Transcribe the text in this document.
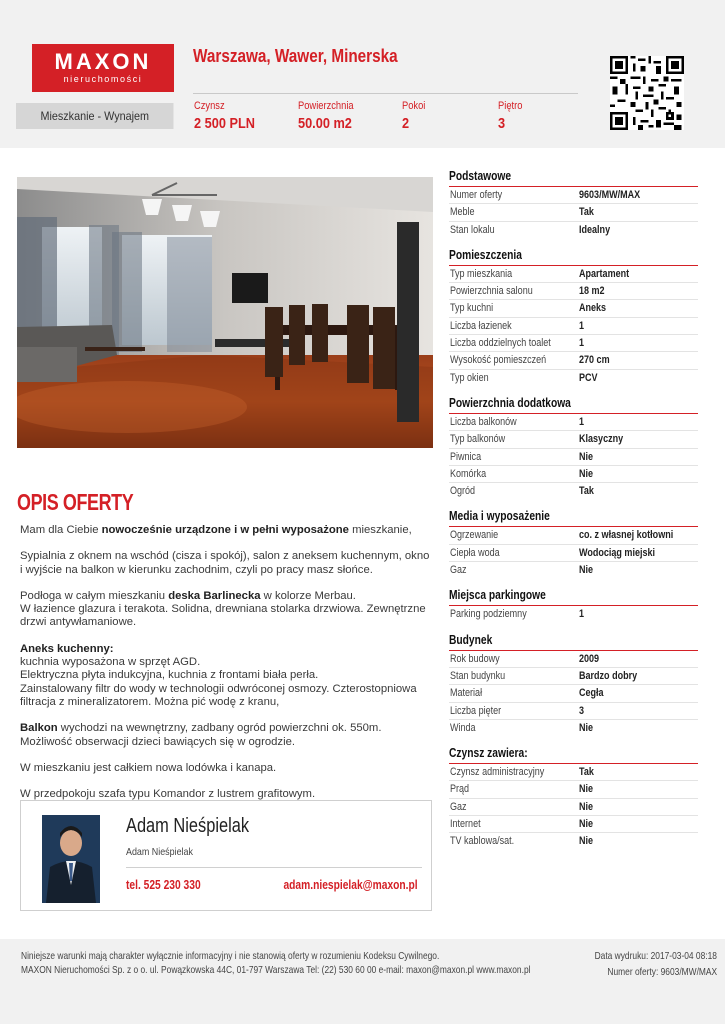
MAXON
nieruchomości
Mieszkanie - Wynajem
Warszawa, Wawer, Minerska
Czynsz
2 500 PLN
Powierzchnia
50.00 m2
Pokoi
2
Piętro
3
OPIS OFERTY

Mam dla Ciebie nowocześnie urządzone i w pełni wyposażone mieszkanie,

Sypialnia z oknem na wschód (cisza i spokój), salon z aneksem kuchennym, okno i wyjście na balkon w kierunku zachodnim, czyli po pracy masz słońce.

Podłoga w całym mieszkaniu deska Barlinecka w kolorze Merbau.
W łazience glazura i terakota. Solidna, drewniana stolarka drzwiowa. Zewnętrzne drzwi antywłamaniowe.

Aneks kuchenny:
kuchnia wyposażona w sprzęt AGD.
Elektryczna płyta indukcyjna, kuchnia z frontami biała perła.
Zainstalowany filtr do wody w technologii odwróconej osmozy. Czterostopniowa filtracja z mineralizatorem. Można pić wodę z kranu,

Balkon wychodzi na wewnętrzny, zadbany ogród powierzchni ok. 550m. Możliwość obserwacji dzieci bawiących się w ogrodzie.

W mieszkaniu jest całkiem nowa lodówka i kanapa.

W przedpokoju szafa typu Komandor z lustrem grafitowym.

Adam Nieśpielak
Adam Nieśpielak
tel. 525 230 330	adam.niespielak@maxon.pl
Podstawowe
Numer oferty	9603/MW/MAX
Meble	Tak
Stan lokalu	Idealny
Pomieszczenia
Typ mieszkania	Apartament
Powierzchnia salonu	18 m2
Typ kuchni	Aneks
Liczba łazienek	1
Liczba oddzielnych toalet	1
Wysokość pomieszczeń	270 cm
Typ okien	PCV
Powierzchnia dodatkowa
Liczba balkonów	1
Typ balkonów	Klasyczny
Piwnica	Nie
Komórka	Nie
Ogród	Tak
Media i wyposażenie
Ogrzewanie	co. z własnej kotłowni
Ciepła woda	Wodociąg miejski
Gaz	Nie
Miejsca parkingowe
Parking podziemny	1
Budynek
Rok budowy	2009
Stan budynku	Bardzo dobry
Materiał	Cegła
Liczba pięter	3
Winda	Nie
Czynsz zawiera:
Czynsz administracyjny	Tak
Prąd	Nie
Gaz	Nie
Internet	Nie
TV kablowa/sat.	Nie
Niniejsze warunki mają charakter wyłącznie informacyjny i nie stanowią oferty w rozumieniu Kodeksu Cywilnego.
MAXON Nieruchomości Sp. z o o. ul. Powązkowska 44C, 01-797 Warszawa Tel: (22) 530 60 00 e-mail: maxon@maxon.pl www.maxon.pl
Data wydruku: 2017-03-04 08:18
Numer oferty: 9603/MW/MAX
